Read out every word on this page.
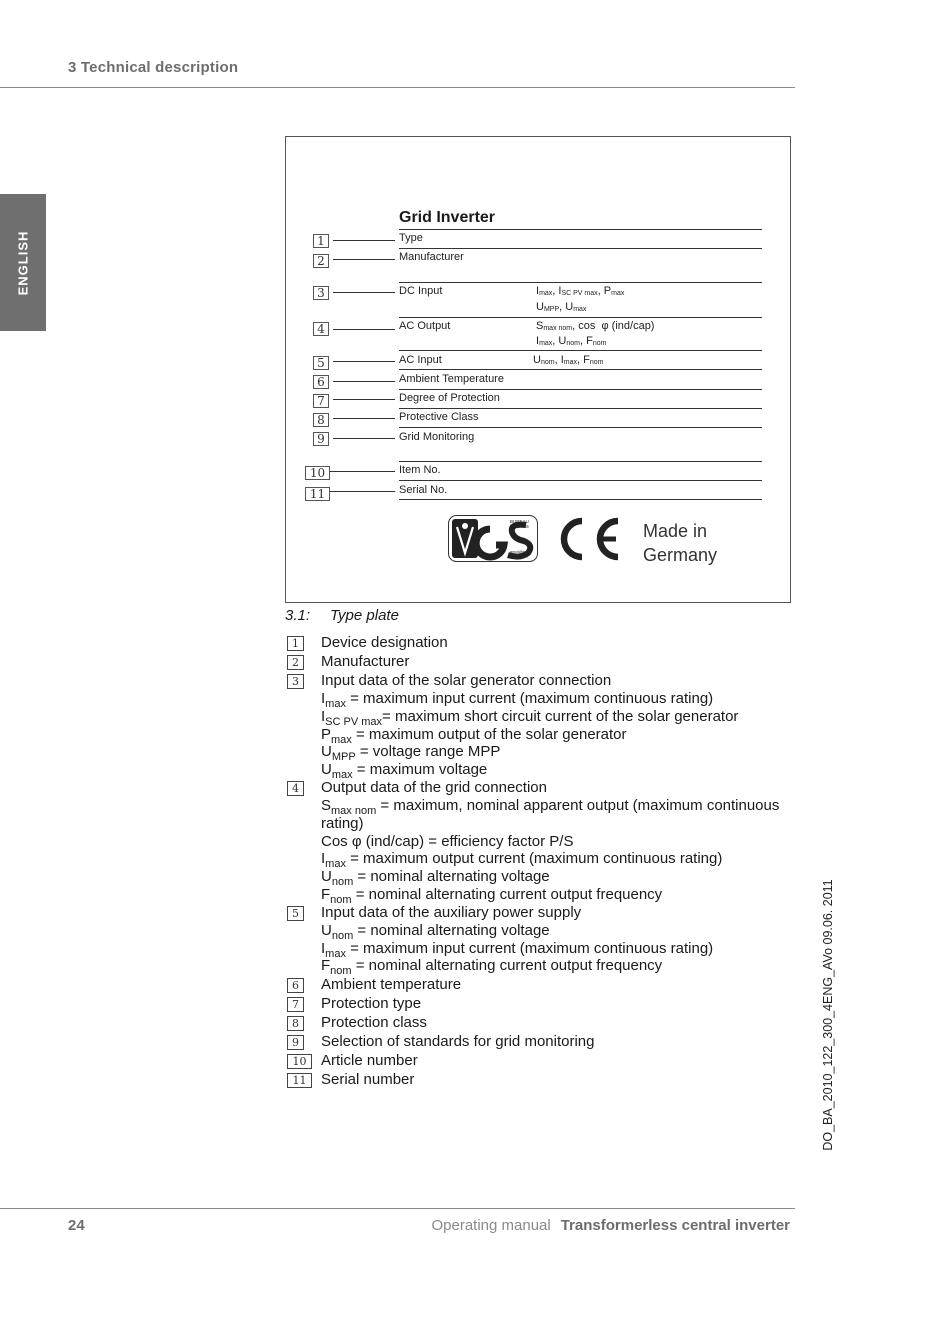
3 Technical description
ENGLISH
Grid Inverter
1	Type
2	Manufacturer
3	DC Input	$I_{max}$, $I_{SC PV max}$, $P_{max}$
$U_{MPP}$, $U_{max}$
4	AC Output	$S_{max nom}$, cos  φ (ind/cap)
$I_{max}$, $U_{nom}$, $F_{nom}$
5	AC Input	$U_{nom}$, $I_{max}$, $F_{nom}$
6	Ambient Temperature
7	Degree of Protection
8	Protective Class
9	Grid Monitoring
10	Item No.
11	Serial No.
BUREAU
VERITAS
geprüfte
Sicherheit
Made in
Germany
3.1: Type plate
1	Device designation
2	Manufacturer
3	Input data of the solar generator connection
$I_{max}$ = maximum input current (maximum continuous rating)
$I_{SC PV max}=$ maximum short circuit current of the solar generator
$P_{max}$ = maximum output of the solar generator
$U_{MPP}$ = voltage range MPP
$U_{max}$ = maximum voltage
4	Output data of the grid connection
$S_{max nom}$ = maximum, nominal apparent output (maximum continuous
rating)
Cos φ (ind/cap) = efficiency factor P/S
$I_{max}$ = maximum output current (maximum continuous rating)
$U_{nom}$ = nominal alternating voltage
$F_{nom}$ = nominal alternating current output frequency
5	Input data of the auxiliary power supply
$U_{nom}$ = nominal alternating voltage
$I_{max}$ = maximum input current (maximum continuous rating)
$F_{nom}$ = nominal alternating current output frequency
6	Ambient temperature
7	Protection type
8	Protection class
9	Selection of standards for grid monitoring
10 Article number
11 Serial number	DO_BA_2010_122_300_4ENG_AVo 09.06. 2011
24	Operating manual Transformerless central inverter
